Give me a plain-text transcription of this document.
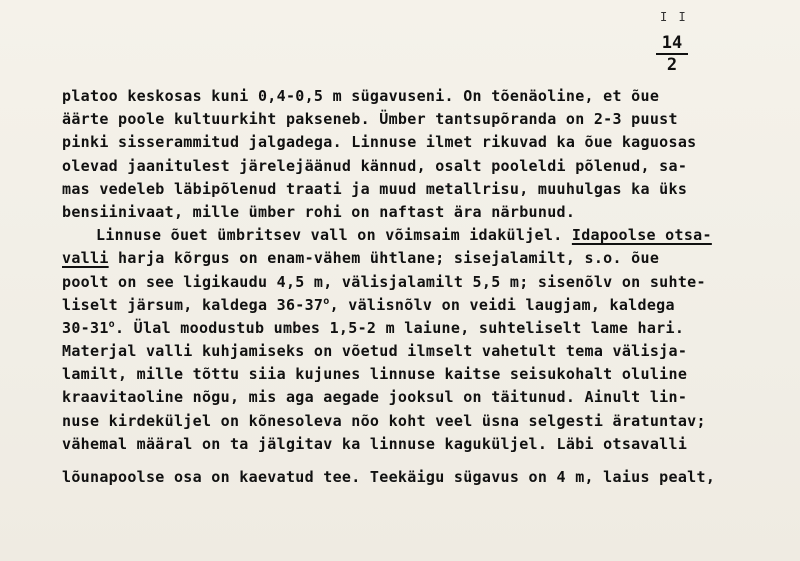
I I
$\frac{14}{2}$
platoo keskosas kuni 0,4-0,5 m sügavuseni. On tõenäoline, et õue
äärte poole kultuurkiht pakseneb. Ümber tantsupõranda on 2-3 puust
pinki sisserammitud jalgadega. Linnuse ilmet rikuvad ka õue kaguosas
olevad jaanitulest järelejäänud kännud, osalt pooleldi põlenud, sa-
mas vedeleb läbipõlenud traati ja muud metallrisu, muuhulgas ka üks
bensiinivaat, mille ümber rohi on naftast ära närbunud.
Linnuse õuet ümbritsev vall on võimsaim idaküljel. Idapoolse otsa-
valli harja kõrgus on enam-vähem ühtlane; sisejalamilt, s.o. õue
poolt on see ligikaudu 4,5 m, välisjalamilt 5,5 m; sisenõlv on suhte-
liselt järsum, kaldega 36-37$^o$, välisnõlv on veidi laugjam, kaldega
30-31$^o$. Ülal moodustub umbes 1,5-2 m laiune, suhteliselt lame hari.
Materjal valli kuhjamiseks on võetud ilmselt vahetult tema välisja-
lamilt, mille tõttu siia kujunes linnuse kaitse seisukohalt oluline
kraavitaoline nõgu, mis aga aegade jooksul on täitunud. Ainult lin-
nuse kirdeküljel on kõnesoleva nõo koht veel üsna selgesti äratuntav;
vähemal määral on ta jälgitav ka linnuse kaguküljel. Läbi otsavalli
lõunapoolse osa on kaevatud tee. Teekäigu sügavus on 4 m, laius pealt,
